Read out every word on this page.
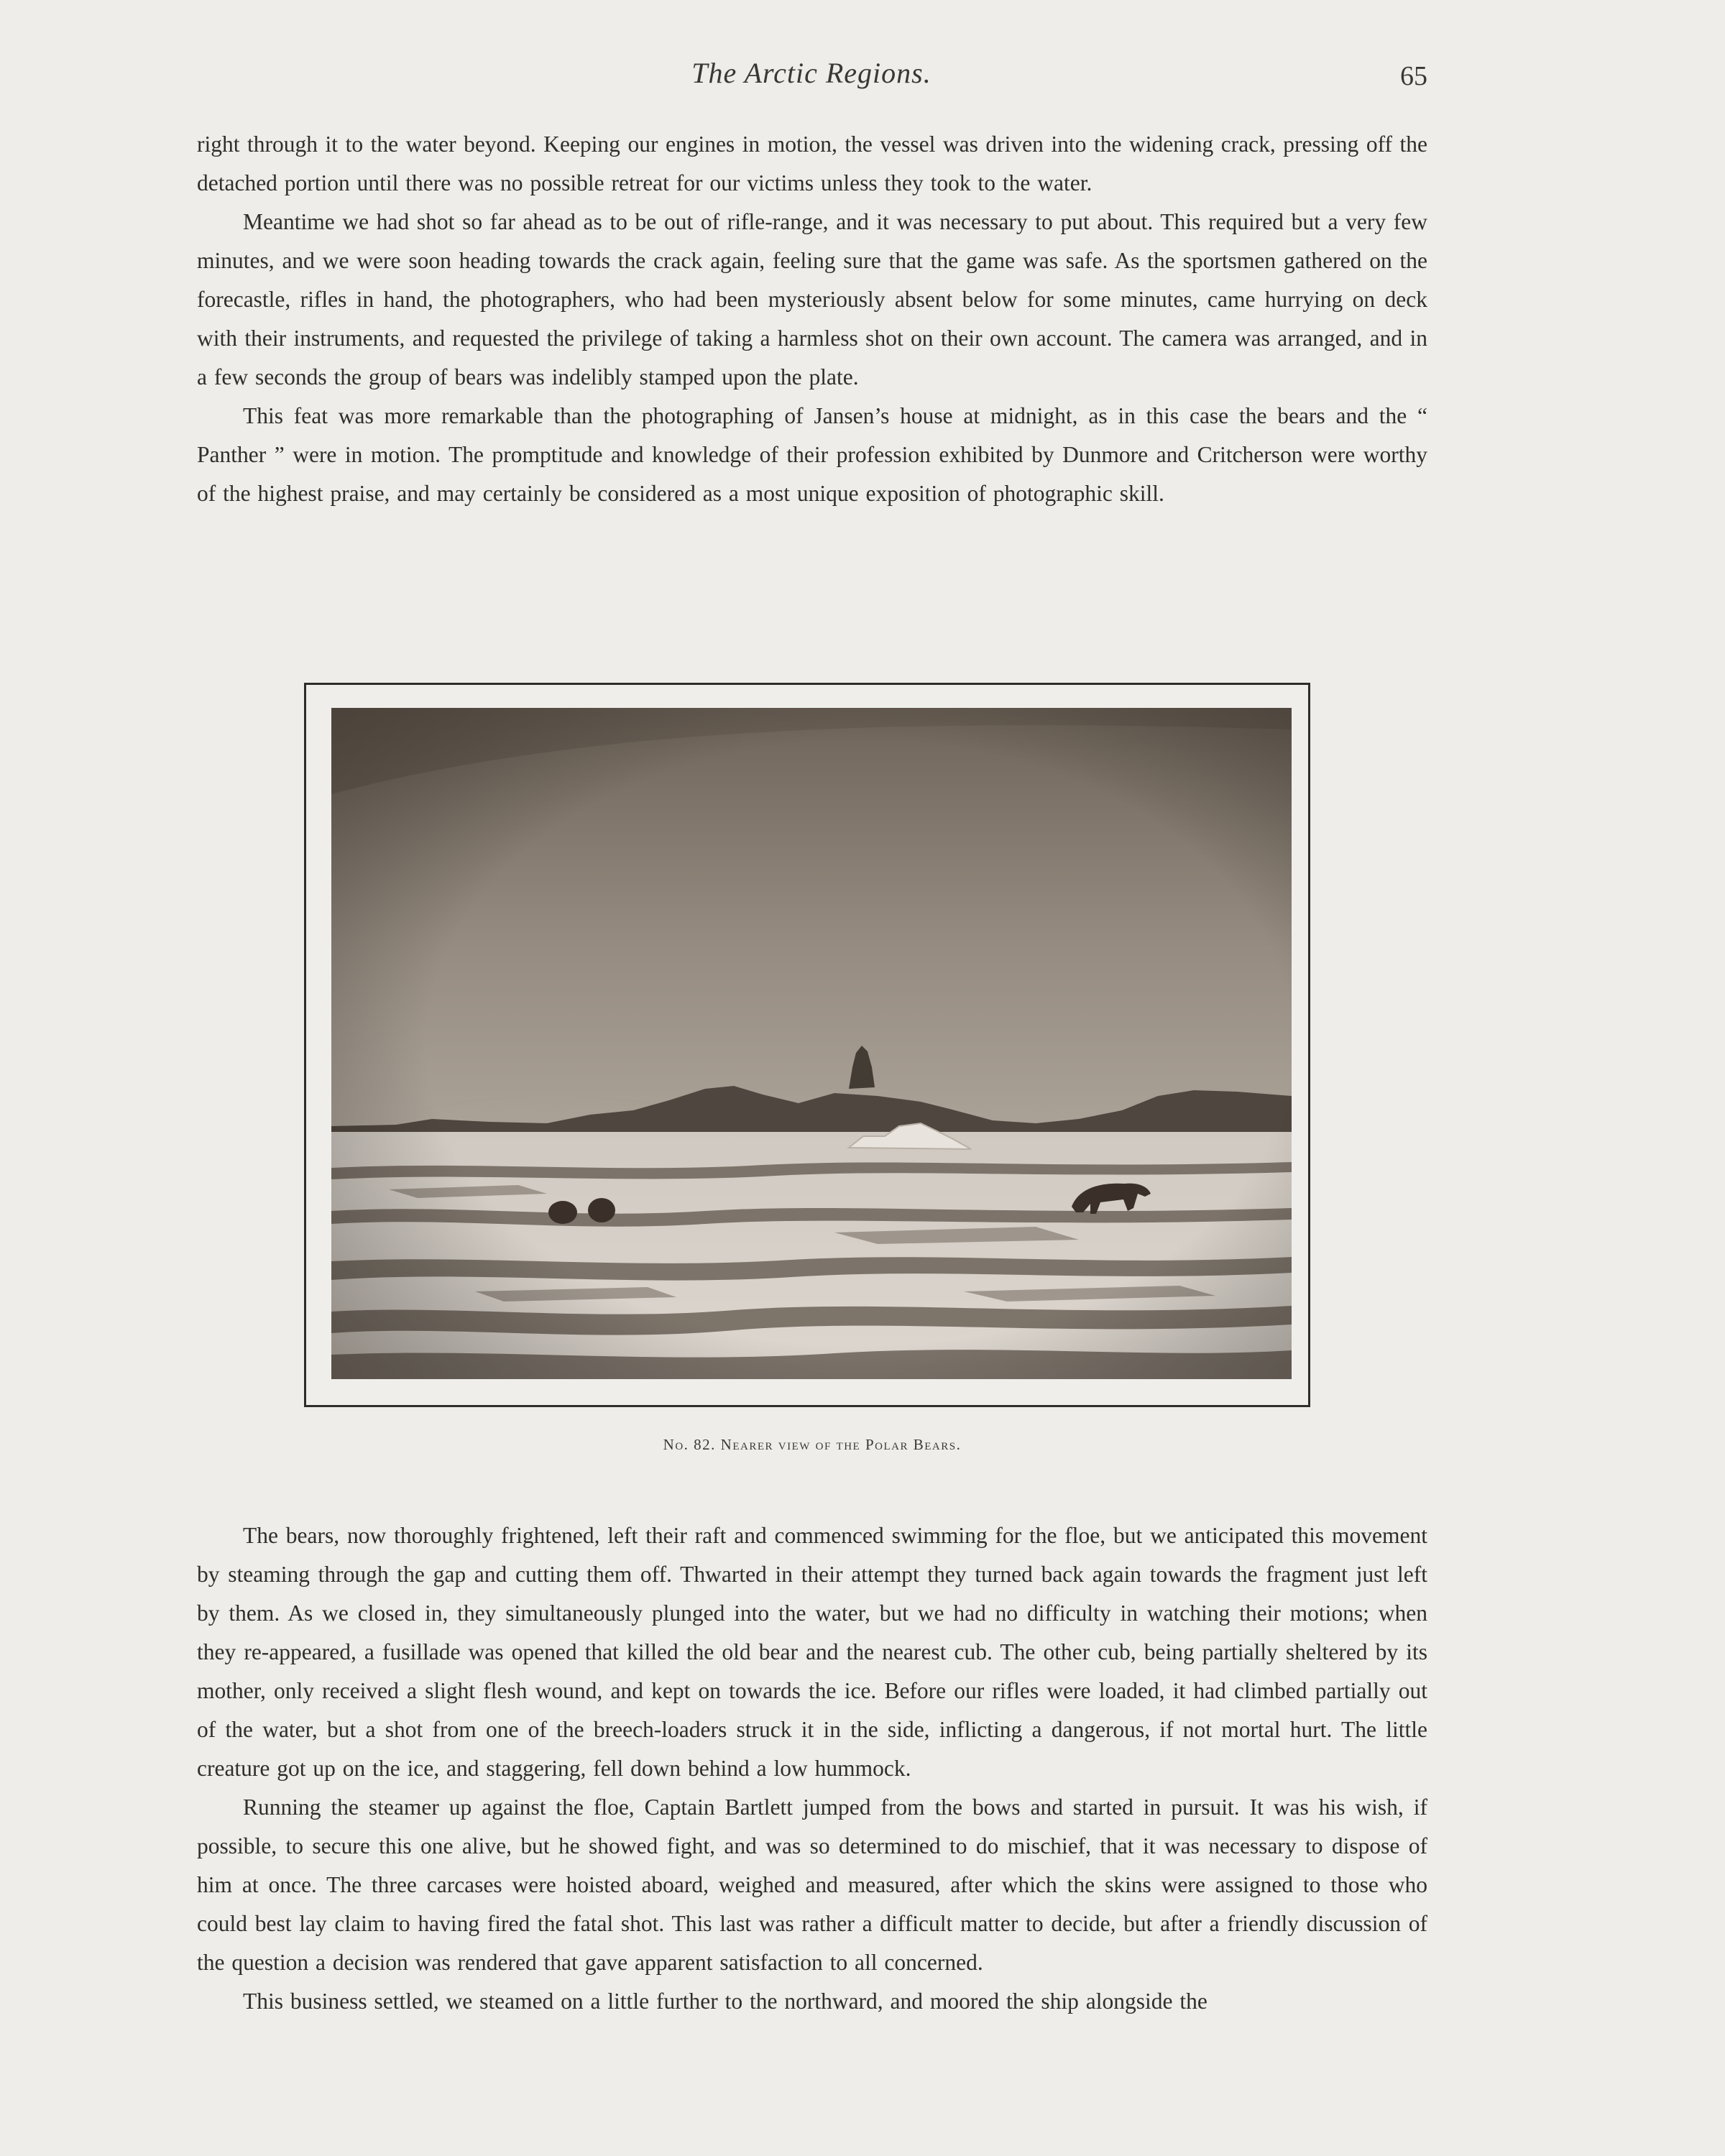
The Arctic Regions.	65

right through it to the water beyond. Keeping our engines in motion, the vessel was driven into the widening crack, pressing off the detached portion until there was no possible retreat for our victims unless they took to the water.

Meantime we had shot so far ahead as to be out of rifle-range, and it was necessary to put about. This required but a very few minutes, and we were soon heading towards the crack again, feeling sure that the game was safe. As the sportsmen gathered on the forecastle, rifles in hand, the photographers, who had been mysteriously absent below for some minutes, came hurrying on deck with their instruments, and requested the privilege of taking a harmless shot on their own account. The camera was arranged, and in a few seconds the group of bears was indelibly stamped upon the plate.

This feat was more remarkable than the photographing of Jansen’s house at midnight, as in this case the bears and the “ Panther ” were in motion. The promptitude and knowledge of their profession exhibited by Dunmore and Critcherson were worthy of the highest praise, and may certainly be considered as a most unique exposition of photographic skill.

No. 82. Nearer view of the Polar Bears.

The bears, now thoroughly frightened, left their raft and commenced swimming for the floe, but we anticipated this movement by steaming through the gap and cutting them off. Thwarted in their attempt they turned back again towards the fragment just left by them. As we closed in, they simultaneously plunged into the water, but we had no difficulty in watching their motions; when they re-appeared, a fusillade was opened that killed the old bear and the nearest cub. The other cub, being partially sheltered by its mother, only received a slight flesh wound, and kept on towards the ice. Before our rifles were loaded, it had climbed partially out of the water, but a shot from one of the breech-loaders struck it in the side, inflicting a dangerous, if not mortal hurt. The little creature got up on the ice, and staggering, fell down behind a low hummock.

Running the steamer up against the floe, Captain Bartlett jumped from the bows and started in pursuit. It was his wish, if possible, to secure this one alive, but he showed fight, and was so determined to do mischief, that it was necessary to dispose of him at once. The three carcases were hoisted aboard, weighed and measured, after which the skins were assigned to those who could best lay claim to having fired the fatal shot. This last was rather a difficult matter to decide, but after a friendly discussion of the question a decision was rendered that gave apparent satisfaction to all concerned.

This business settled, we steamed on a little further to the northward, and moored the ship alongside the
